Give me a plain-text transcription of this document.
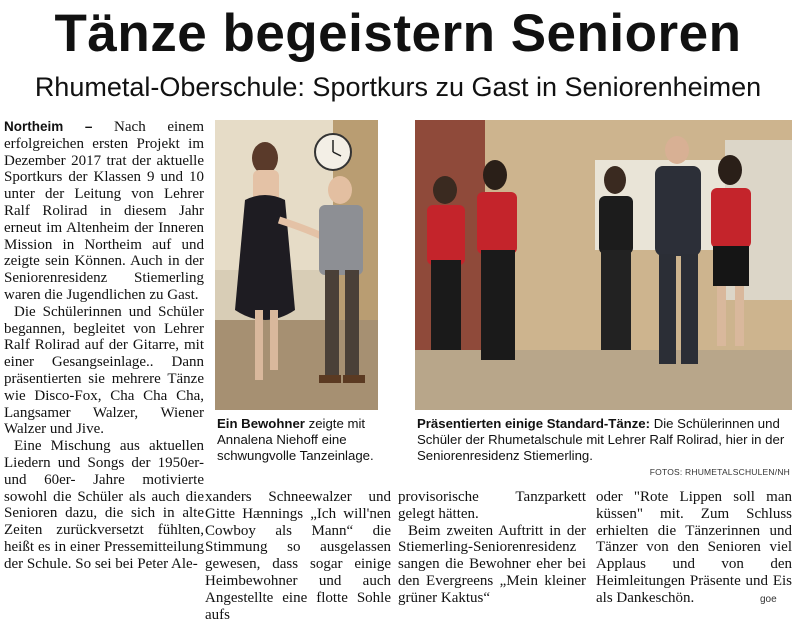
Tänze begeistern Senioren
Rhumetal-Oberschule: Sportkurs zu Gast in Seniorenheimen

Northeim – Nach einem erfolgreichen ersten Projekt im Dezember 2017 trat der aktuelle Sportkurs der Klassen 9 und 10 unter der Leitung von Lehrer Ralf Rolirad in diesem Jahr erneut im Altenheim der Inneren Mission in Northeim auf und zeigte sein Können. Auch in der Seniorenresidenz Stiemerling waren die Jugendlichen zu Gast.

Die Schülerinnen und Schüler begannen, begleitet von Lehrer Ralf Rolirad auf der Gitarre, mit einer Gesangseinlage.. Dann präsentierten sie mehrere Tänze wie Disco-Fox, Cha Cha Cha, Langsamer Walzer, Wiener Walzer und Jive.

Eine Mischung aus aktuellen Liedern und Songs der 1950er- und 60er- Jahre motivierte sowohl die Schüler als auch die Senioren dazu, die sich in alte Zeiten zurückversetzt fühlten, heißt es in einer Pressemitteilung der Schule. So sei bei Peter Ale-

xanders Schneewalzer und Gitte Hænnings „Ich will'nen Cowboy als Mann“ die Stimmung so ausgelassen gewesen, dass sogar einige Heimbewohner und auch Angestellte eine flotte Sohle aufs

provisorische Tanzparkett gelegt hätten.

Beim zweiten Auftritt in der Stiemerling-Seniorenresidenz sangen die Bewohner eher bei den Evergreens „Mein kleiner grüner Kaktus“

oder "Rote Lippen soll man küssen" mit. Zum Schluss erhielten die Tänzerinnen und Tänzer von den Senioren viel Applaus und von den Heimleitungen Präsente und Eis als Dankeschön.

Ein Bewohner zeigte mit Annalena Niehoff eine schwungvolle Tanzeinlage.
Präsentierten einige Standard-Tänze: Die Schülerinnen und Schüler der Rhumetalschule mit Lehrer Ralf Rolirad, hier in der Seniorenresidenz Stiemerling.
FOTOS: RHUMETALSCHULEN/NH
goe
